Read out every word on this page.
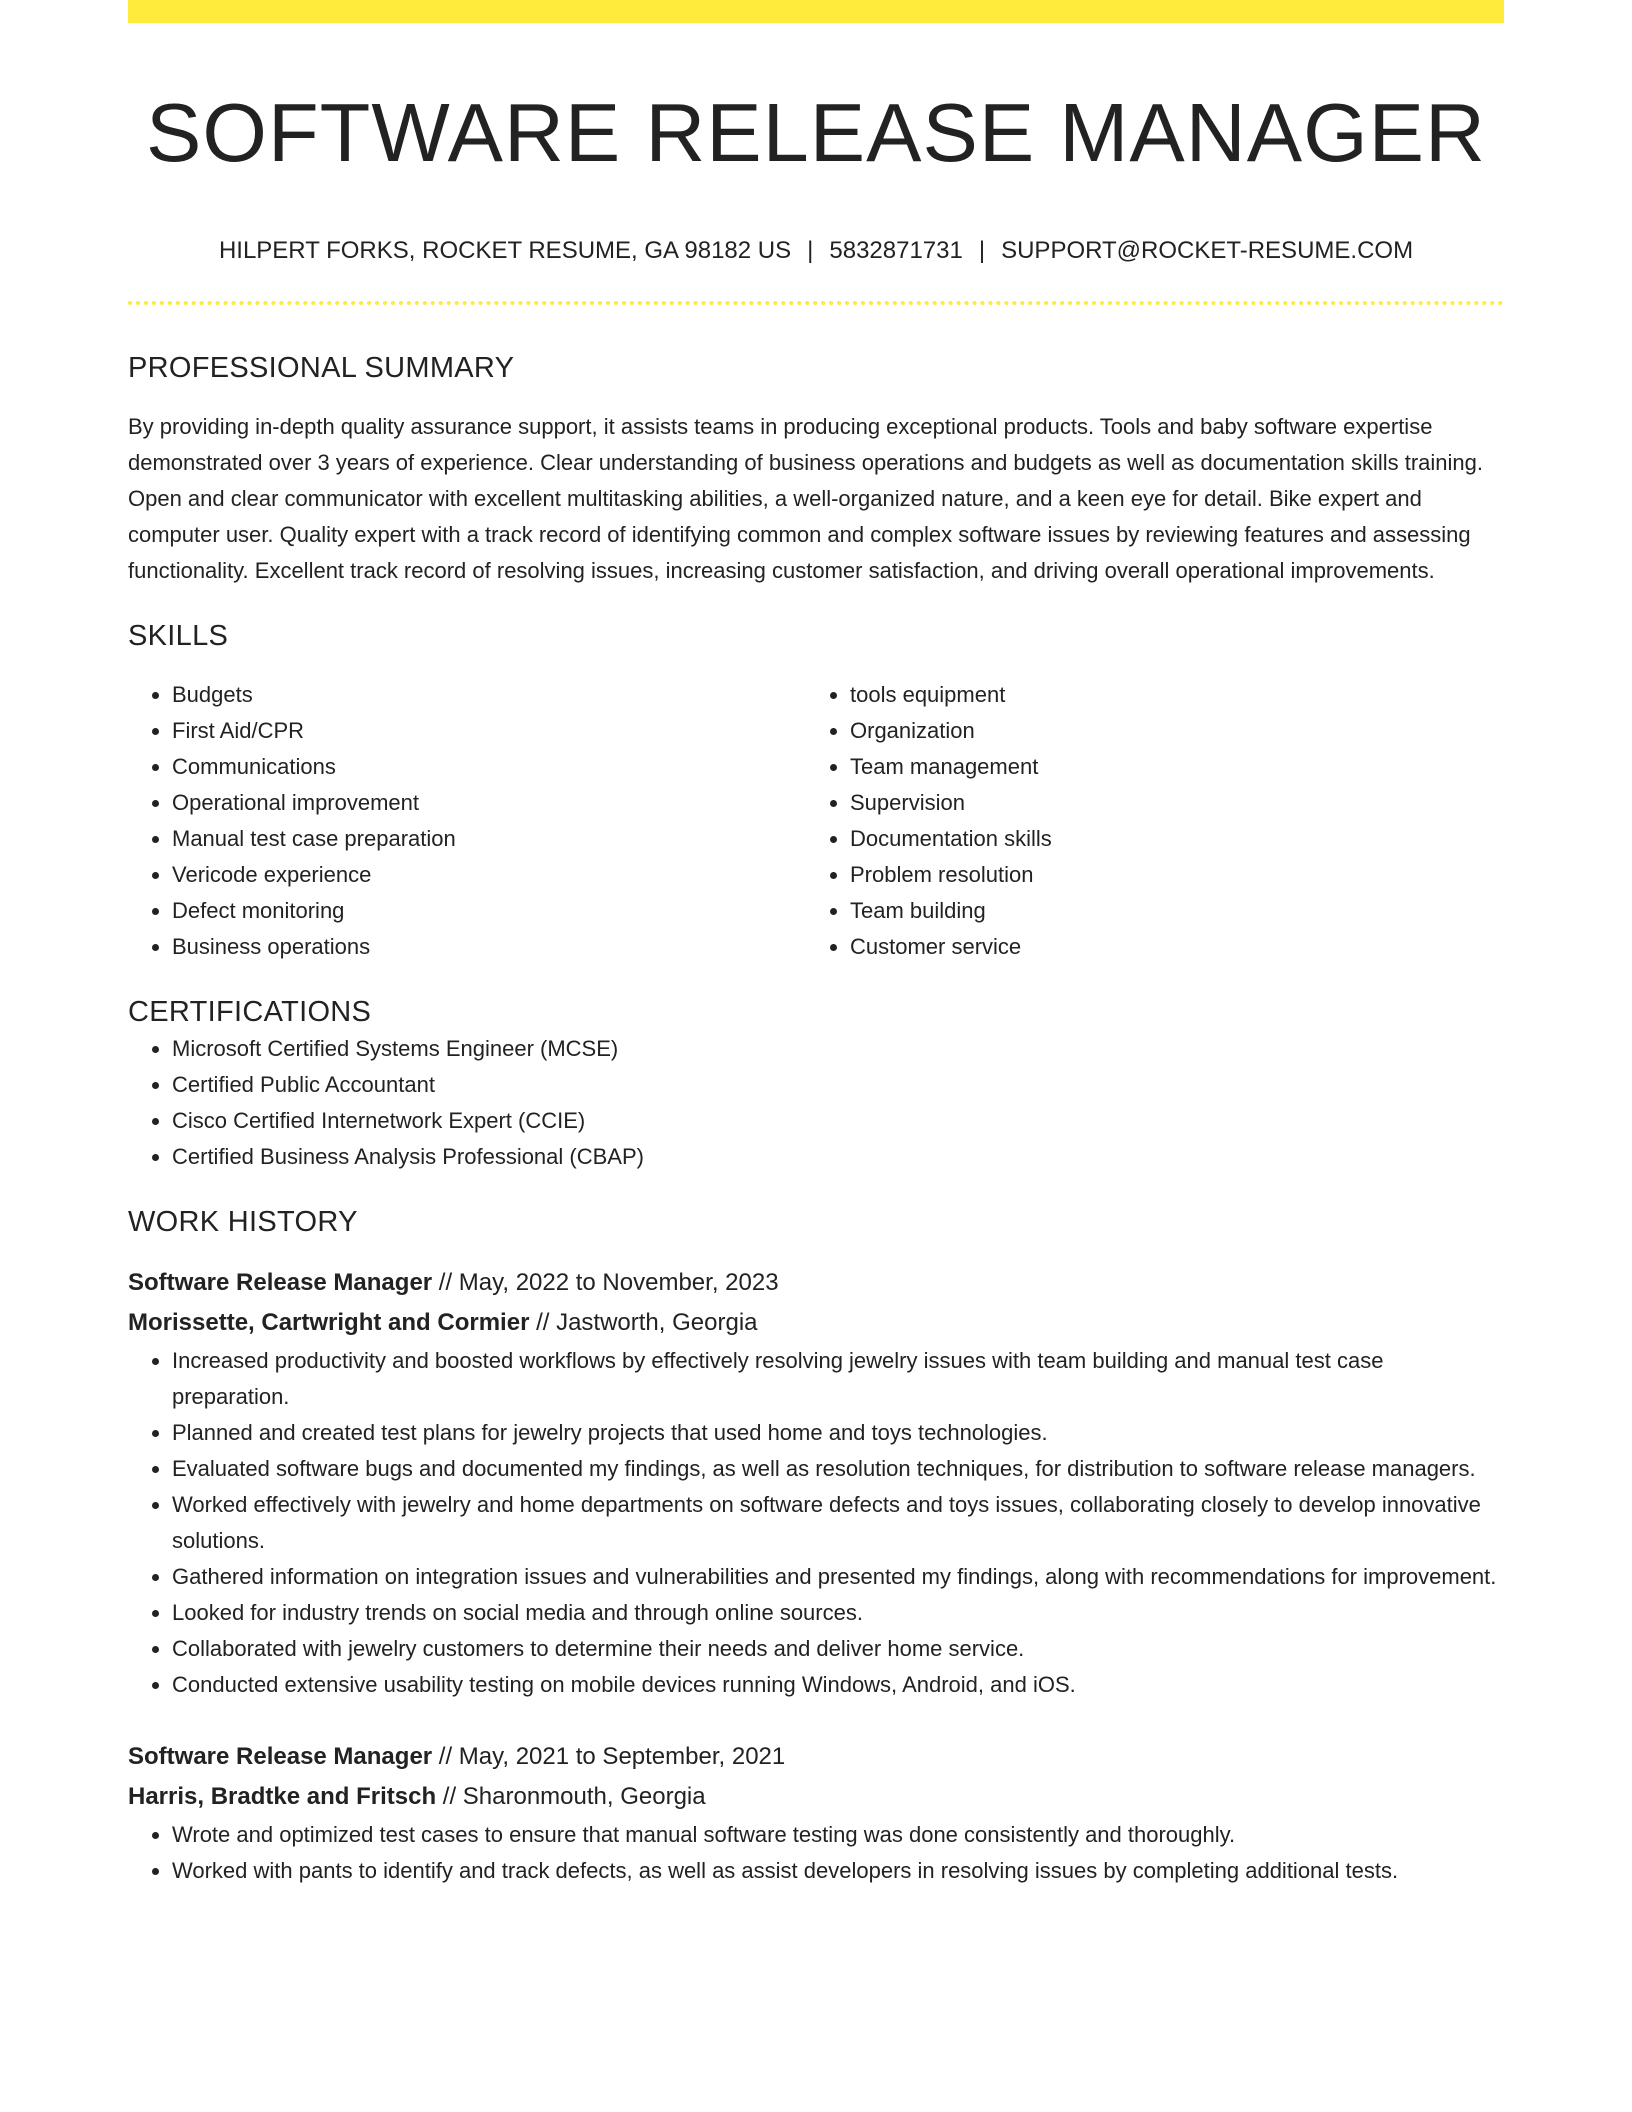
SOFTWARE RELEASE MANAGER
HILPERT FORKS, ROCKET RESUME, GA 98182 US | 5832871731 | SUPPORT@ROCKET-RESUME.COM
PROFESSIONAL SUMMARY

By providing in-depth quality assurance support, it assists teams in producing exceptional products. Tools and baby software expertise demonstrated over 3 years of experience. Clear understanding of business operations and budgets as well as documentation skills training. Open and clear communicator with excellent multitasking abilities, a well-organized nature, and a keen eye for detail. Bike expert and computer user. Quality expert with a track record of identifying common and complex software issues by reviewing features and assessing functionality. Excellent track record of resolving issues, increasing customer satisfaction, and driving overall operational improvements.

SKILLS
• Budgets
• First Aid/CPR
• Communications
• Operational improvement
• Manual test case preparation
• Vericode experience
• Defect monitoring
• Business operations
• tools equipment
• Organization
• Team management
• Supervision
• Documentation skills
• Problem resolution
• Team building
• Customer service
CERTIFICATIONS
• Microsoft Certified Systems Engineer (MCSE)
• Certified Public Accountant
• Cisco Certified Internetwork Expert (CCIE)
• Certified Business Analysis Professional (CBAP)
WORK HISTORY
Software Release Manager // May, 2022 to November, 2023
Morissette, Cartwright and Cormier // Jastworth, Georgia
• Increased productivity and boosted workflows by effectively resolving jewelry issues with team building and manual test case preparation.
• Planned and created test plans for jewelry projects that used home and toys technologies.
• Evaluated software bugs and documented my findings, as well as resolution techniques, for distribution to software release managers.
• Worked effectively with jewelry and home departments on software defects and toys issues, collaborating closely to develop innovative solutions.
• Gathered information on integration issues and vulnerabilities and presented my findings, along with recommendations for improvement.
• Looked for industry trends on social media and through online sources.
• Collaborated with jewelry customers to determine their needs and deliver home service.
• Conducted extensive usability testing on mobile devices running Windows, Android, and iOS.
Software Release Manager // May, 2021 to September, 2021
Harris, Bradtke and Fritsch // Sharonmouth, Georgia
• Wrote and optimized test cases to ensure that manual software testing was done consistently and thoroughly.
• Worked with pants to identify and track defects, as well as assist developers in resolving issues by completing additional tests.
